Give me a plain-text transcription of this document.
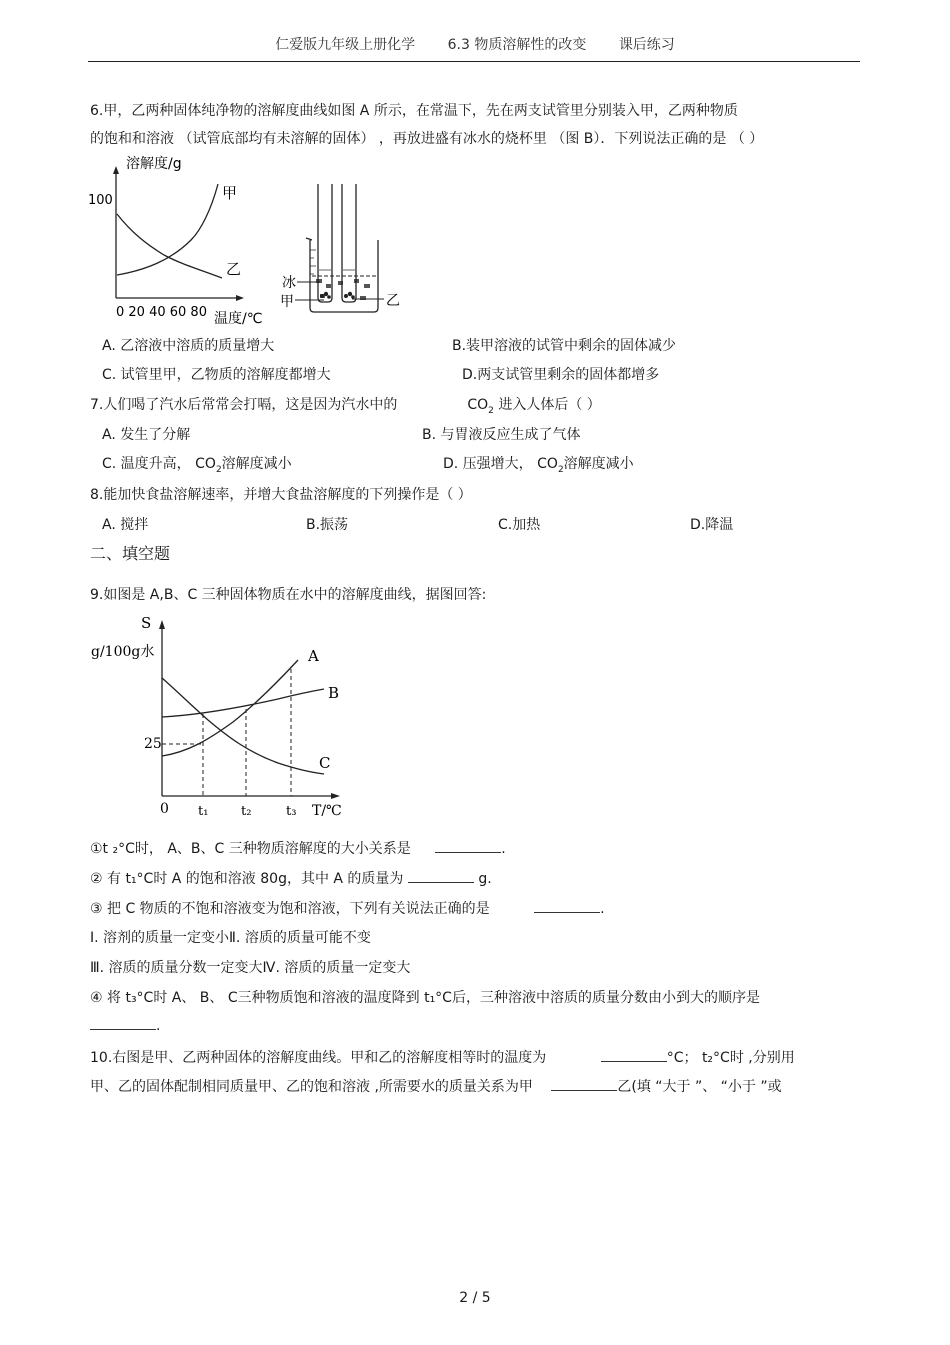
仁爱版九年级上册化学 6.3 物质溶解性的改变 课后练习
6.甲，乙两种固体纯净物的溶解度曲线如图 A 所示，在常温下，先在两支试管里分别装入甲，乙两种物质
的饱和和溶液 （试管底部均有未溶解的固体） ，再放进盛有冰水的烧杯里 （图 B）．下列说法正确的是 （ ）
溶解度/g
100	甲
乙
0 20 40 60 80 温度/℃
冰
甲	乙
A. 乙溶液中溶质的质量增大	B.装甲溶液的试管中剩余的固体减少
C. 试管里甲，乙物质的溶解度都增大	D.两支试管里剩余的固体都增多
7.人们喝了汽水后常常会打嗝，这是因为汽水中的	$CO_2$ 进入人体后（ ）
A. 发生了分解	B. 与胃液反应生成了气体
C. 温度升高， $CO_2$溶解度减小	D. 压强增大， $CO_2$溶解度减小
8.能加快食盐溶解速率，并增大食盐溶解度的下列操作是（ ）
A. 搅拌	B.振荡	C.加热	D.降温
二、填空题
9.如图是 A,B、C 三种固体物质在水中的溶解度曲线，据图回答:
S
g/100g水	A
B
C
25
0 t₁	t₂	t₃ T/℃
①t ₂°C时， A、B、C 三种物质溶解度的大小关系是	.
② 有 t₁°C时 A 的饱和溶液 80g，其中 A 的质量为	g.
③ 把 C 物质的不饱和溶液变为饱和溶液，下列有关说法正确的是	.
Ⅰ. 溶剂的质量一定变小Ⅱ. 溶质的质量可能不变
Ⅲ. 溶质的质量分数一定变大Ⅳ. 溶质的质量一定变大
④ 将 t₃°C时 A、 B、 C三种物质饱和溶液的温度降到 t₁°C后，三种溶液中溶质的质量分数由小到大的顺序是
.
10.右图是甲、乙两种固体的溶解度曲线。甲和乙的溶解度相等时的温度为	°C； t₂°C时 ,分别用
甲、乙的固体配制相同质量甲、乙的饱和溶液 ,所需要水的质量关系为甲	乙(填 “大于 ”、 “小于 ”或
2 / 5
